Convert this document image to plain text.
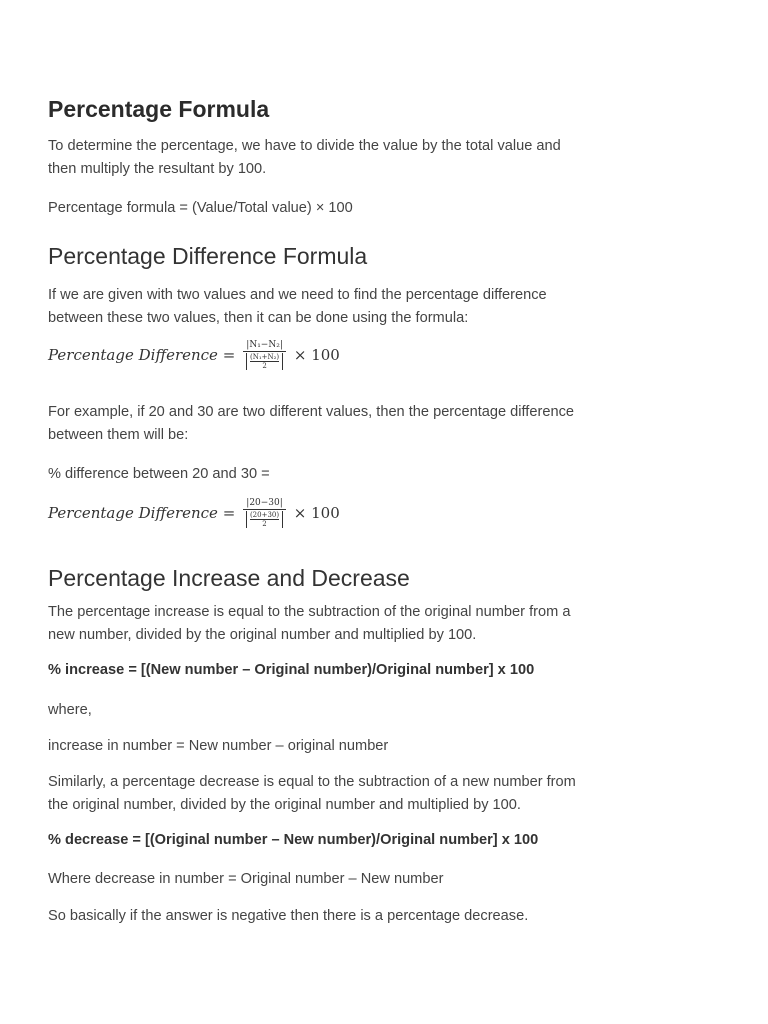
Percentage Formula
To determine the percentage, we have to divide the value by the total value and
then multiply the resultant by 100.
Percentage formula = (Value/Total value) × 100
Percentage Difference Formula
If we are given with two values and we need to find the percentage difference
between these two values, then it can be done using the formula:
Percentage Difference = |N₁−N₂|
(N₁+N₂)
2 × 100
For example, if 20 and 30 are two different values, then the percentage difference
between them will be:
% difference between 20 and 30 =
Percentage Difference = |20−30|
(20+30)
2 × 100
Percentage Increase and Decrease
The percentage increase is equal to the subtraction of the original number from a
new number, divided by the original number and multiplied by 100.
% increase = [(New number – Original number)/Original number] x 100
where,
increase in number = New number – original number
Similarly, a percentage decrease is equal to the subtraction of a new number from
the original number, divided by the original number and multiplied by 100.
% decrease = [(Original number – New number)/Original number] x 100
Where decrease in number = Original number – New number
So basically if the answer is negative then there is a percentage decrease.
